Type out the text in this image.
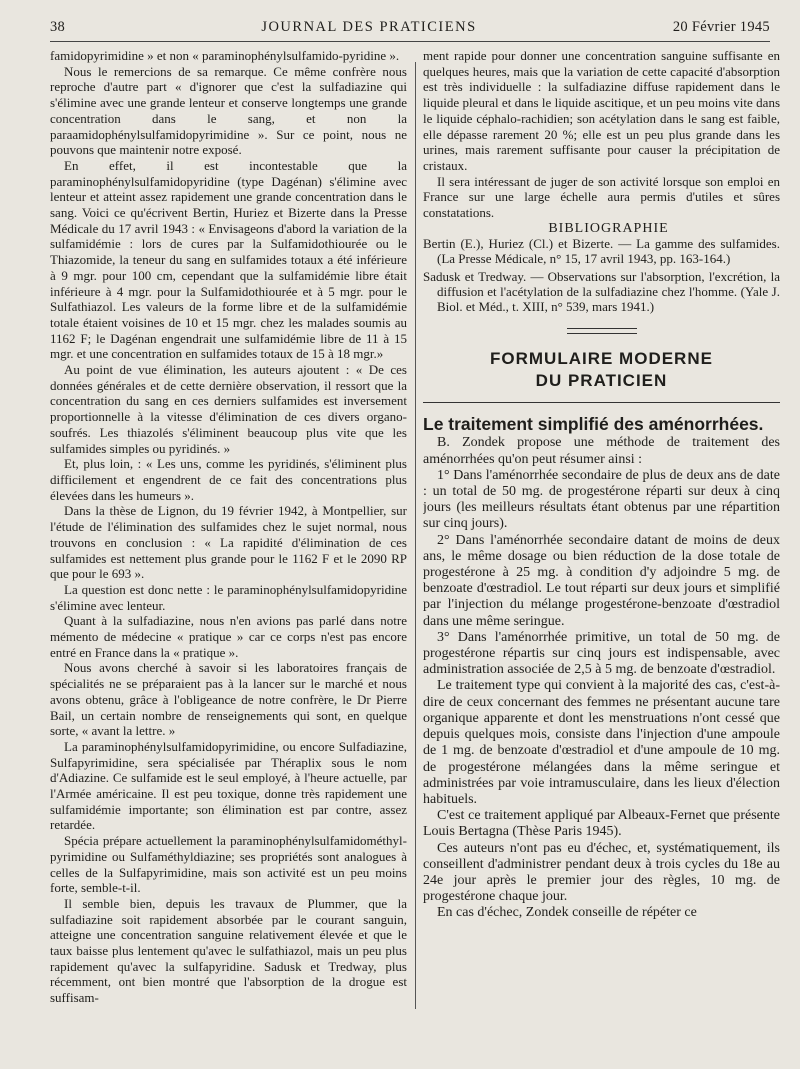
38	JOURNAL DES PRATICIENS	20 Février 1945

famidopyrimidine » et non « paraminophénylsulfamido-pyridine ».

Nous le remercions de sa remarque. Ce même confrère nous reproche d'autre part « d'ignorer que c'est la sulfadiazine qui s'élimine avec une grande lenteur et conserve longtemps une grande concentration dans le sang, et non la paraamidophénylsulfamidopyrimidine ». Sur ce point, nous ne pouvons que maintenir notre exposé.

En effet, il est incontestable que la paraminophénylsulfamidopyridine (type Dagénan) s'élimine avec lenteur et atteint assez rapidement une grande concentration dans le sang. Voici ce qu'écrivent Bertin, Huriez et Bizerte dans la Presse Médicale du 17 avril 1943 : « Envisageons d'abord la variation de la sulfamidémie : lors de cures par la Sulfamidothiourée ou le Thiazomide, la teneur du sang en sulfamides totaux a été inférieure à 9 mgr. pour 100 cm, cependant que la sulfamidémie libre était inférieure à 4 mgr. pour la Sulfamidothiourée et à 5 mgr. pour le Sulfathiazol. Les valeurs de la forme libre et de la sulfamidémie totale étaient voisines de 10 et 15 mgr. chez les malades soumis au 1162 F; le Dagénan engendrait une sulfamidémie libre de 11 à 15 mgr. et une concentration en sulfamides totaux de 15 à 18 mgr.»

Au point de vue élimination, les auteurs ajoutent : « De ces données générales et de cette dernière observation, il ressort que la concentration du sang en ces derniers sulfamides est inversement proportionnelle à la vitesse d'élimination de ces divers organo-soufrés. Les thiazolés s'éliminent beaucoup plus vite que les sulfamides simples ou pyridinés. »

Et, plus loin, : « Les uns, comme les pyridinés, s'éliminent plus difficilement et engendrent de ce fait des concentrations plus élevées dans les humeurs ».

Dans la thèse de Lignon, du 19 février 1942, à Montpellier, sur l'étude de l'élimination des sulfamides chez le sujet normal, nous trouvons en conclusion : « La rapidité d'élimination de ces sulfamides est nettement plus grande pour le 1162 F et le 2090 RP que pour le 693 ».

La question est donc nette : le paraminophénylsulfamidopyridine s'élimine avec lenteur.

Quant à la sulfadiazine, nous n'en avions pas parlé dans notre mémento de médecine « pratique » car ce corps n'est pas encore entré en France dans la « pratique ».

Nous avons cherché à savoir si les laboratoires français de spécialités ne se préparaient pas à la lancer sur le marché et nous avons obtenu, grâce à l'obligeance de notre confrère, le Dr Pierre Bail, un certain nombre de renseignements qui sont, en quelque sorte, « avant la lettre. »

La paraminophénylsulfamidopyrimidine, ou encore Sulfadiazine, Sulfapyrimidine, sera spécialisée par Théraplix sous le nom d'Adiazine. Ce sulfamide est le seul employé, à l'heure actuelle, par l'Armée américaine. Il est peu toxique, donne très rapidement une sulfamidémie importante; son élimination est par contre, assez retardée.

Spécia prépare actuellement la paraminophénylsulfamidométhyl-pyrimidine ou Sulfaméthyldiazine; ses propriétés sont analogues à celles de la Sulfapyrimidine, mais son activité est un peu moins forte, semble-t-il.

Il semble bien, depuis les travaux de Plummer, que la sulfadiazine soit rapidement absorbée par le courant sanguin, atteigne une concentration sanguine relativement élevée et que le taux baisse plus lentement qu'avec le sulfathiazol, mais un peu plus rapidement qu'avec la sulfapyridine. Sadusk et Tredway, plus récemment, ont bien montré que l'absorption de la drogue est suffisam-

ment rapide pour donner une concentration sanguine suffisante en quelques heures, mais que la variation de cette capacité d'absorption est très individuelle : la sulfadiazine diffuse rapidement dans le liquide pleural et dans le liquide ascitique, et un peu moins vite dans le liquide céphalo-rachidien; son acétylation dans le sang est faible, elle dépasse rarement 20 %; elle est un peu plus grande dans les urines, mais rarement suffisante pour causer la précipitation de cristaux.

Il sera intéressant de juger de son activité lorsque son emploi en France sur une large échelle aura permis d'utiles et sûres constatations.

BIBLIOGRAPHIE

Bertin (E.), Huriez (Cl.) et Bizerte. — La gamme des sulfamides. (La Presse Médicale, n° 15, 17 avril 1943, pp. 163-164.)

Sadusk et Tredway. — Observations sur l'absorption, l'excrétion, la diffusion et l'acétylation de la sulfadiazine chez l'homme. (Yale J. Biol. et Méd., t. XIII, n° 539, mars 1941.)

FORMULAIRE MODERNE
DU PRATICIEN

Le traitement simplifié des aménorrhées.

B. Zondek propose une méthode de traitement des aménorrhées qu'on peut résumer ainsi :

1° Dans l'aménorrhée secondaire de plus de deux ans de date : un total de 50 mg. de progestérone réparti sur deux à cinq jours (les meilleurs résultats étant obtenus par une répartition sur cinq jours).

2° Dans l'aménorrhée secondaire datant de moins de deux ans, le même dosage ou bien réduction de la dose totale de progestérone à 25 mg. à condition d'y adjoindre 5 mg. de benzoate d'œstradiol. Le tout réparti sur deux jours et simplifié par l'injection du mélange progestérone-benzoate d'œstradiol dans une même seringue.

3° Dans l'aménorrhée primitive, un total de 50 mg. de progestérone répartis sur cinq jours est indispensable, avec administration associée de 2,5 à 5 mg. de benzoate d'œstradiol.

Le traitement type qui convient à la majorité des cas, c'est-à-dire de ceux concernant des femmes ne présentant aucune tare organique apparente et dont les menstruations n'ont cessé que depuis quelques mois, consiste dans l'injection d'une ampoule de 1 mg. de benzoate d'œstradiol et d'une ampoule de 10 mg. de progestérone mélangées dans la même seringue et administrées par voie intramusculaire, dans les lieux d'élection habituels.

C'est ce traitement appliqué par Albeaux-Fernet que présente Louis Bertagna (Thèse Paris 1945).

Ces auteurs n'ont pas eu d'échec, et, systématiquement, ils conseillent d'administrer pendant deux à trois cycles du 18e au 24e jour après le premier jour des règles, 10 mg. de progestérone chaque jour.

En cas d'échec, Zondek conseille de répéter ce
